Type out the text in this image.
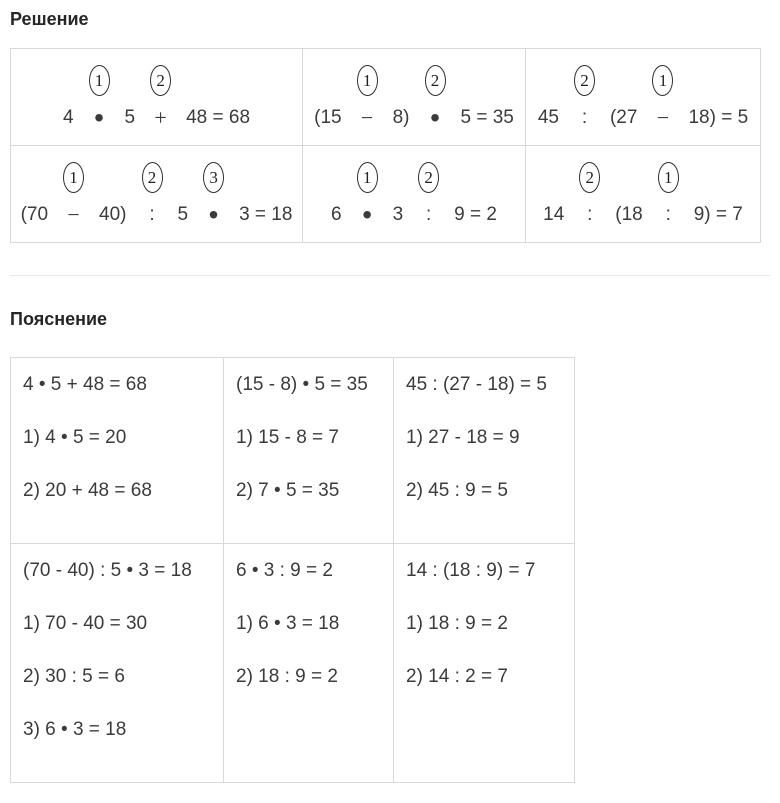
Решение
4
1
• 5
2
+ 48 = 68	(15
1
− 8)
2
• 5 = 35 45
2
: (27
1
− 18) = 5
(70
1
− 40)
2
: 5
3
• 3 = 18 6
1
• 3
2
: 9 = 2 14
2
: (18
1
: 9) = 7
Пояснение

4 • 5 + 48 = 68

1) 4 • 5 = 20

2) 20 + 48 = 68

(15 - 8) • 5 = 35

1) 15 - 8 = 7

2) 7 • 5 = 35

45 : (27 - 18) = 5

1) 27 - 18 = 9

2) 45 : 9 = 5

(70 - 40) : 5 • 3 = 18

1) 70 - 40 = 30

2) 30 : 5 = 6

3) 6 • 3 = 18

6 • 3 : 9 = 2

1) 6 • 3 = 18

2) 18 : 9 = 2

14 : (18 : 9) = 7

1) 18 : 9 = 2

2) 14 : 2 = 7
